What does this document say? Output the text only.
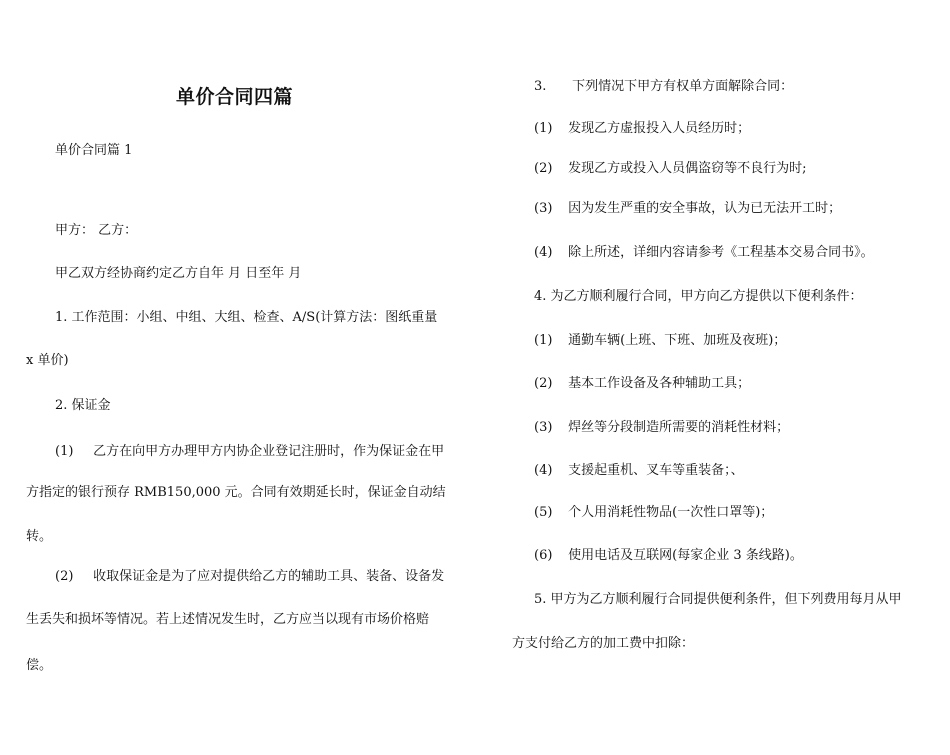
单价合同四篇
单价合同篇 1
甲方： 乙方：
甲乙双方经协商约定乙方自年 月 日至年 月
1. 工作范围：小组、中组、大组、检查、A/S(计算方法：图纸重量
x 单价)
2. 保证金
(1) 乙方在向甲方办理甲方内协企业登记注册时，作为保证金在甲
方指定的银行预存 RMB150,000 元。合同有效期延长时，保证金自动结
转。
(2) 收取保证金是为了应对提供给乙方的辅助工具、装备、设备发
生丢失和损坏等情况。若上述情况发生时，乙方应当以现有市场价格赔
偿。
3. 下列情况下甲方有权单方面解除合同：
(1) 发现乙方虚报投入人员经历时；
(2) 发现乙方或投入人员偶盗窃等不良行为时;
(3) 因为发生严重的安全事故，认为已无法开工时；
(4) 除上所述，详细内容请参考《工程基本交易合同书》。
4. 为乙方顺利履行合同，甲方向乙方提供以下便利条件：
(1) 通勤车辆(上班、下班、加班及夜班)；
(2) 基本工作设备及各种辅助工具；
(3) 焊丝等分段制造所需要的消耗性材料；
(4) 支援起重机、叉车等重装备；、
(5) 个人用消耗性物品(一次性口罩等)；
(6) 使用电话及互联网(每家企业 3 条线路)。
5. 甲方为乙方顺利履行合同提供便利条件，但下列费用每月从甲
方支付给乙方的加工费中扣除：
